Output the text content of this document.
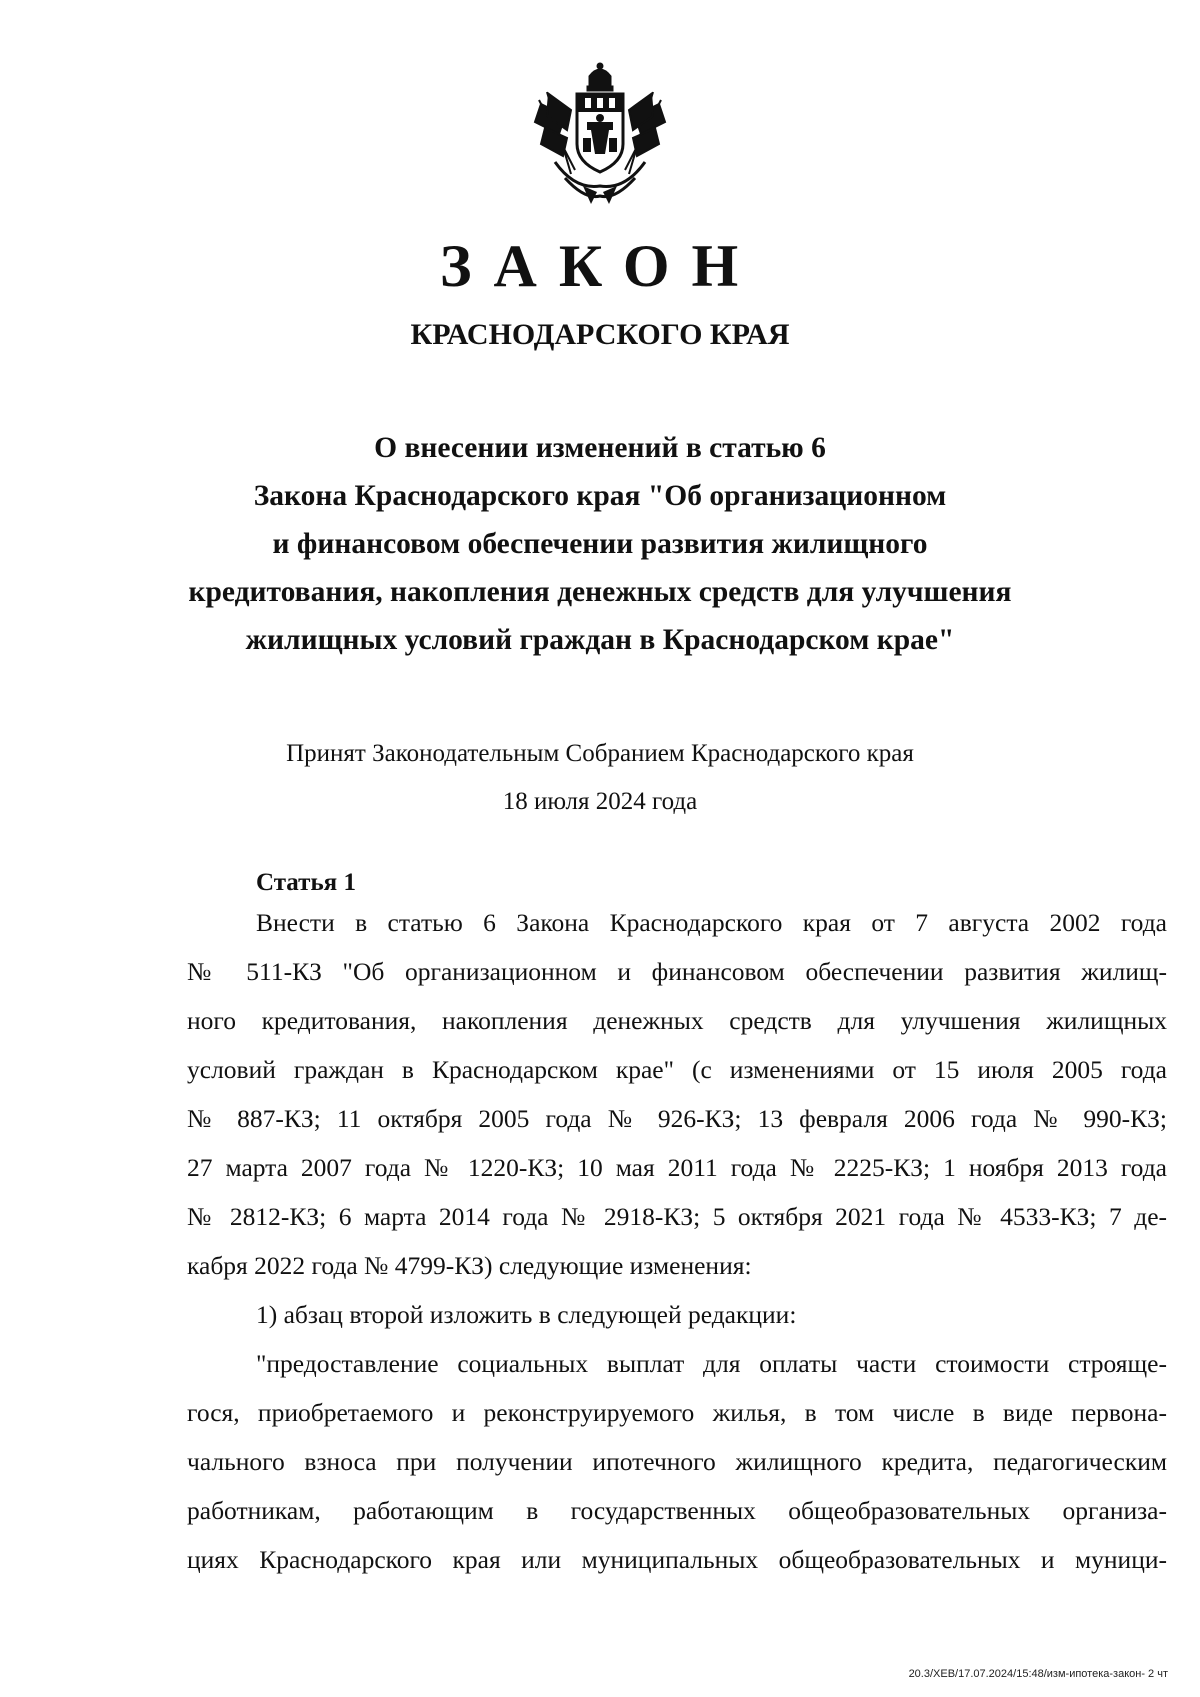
ЗАКОН
КРАСНОДАРСКОГО КРАЯ
О внесении изменений в статью 6
Закона Краснодарского края "Об организационном
и финансовом обеспечении развития жилищного
кредитования, накопления денежных средств для улучшения
жилищных условий граждан в Краснодарском крае"
Принят Законодательным Собранием Краснодарского края
18 июля 2024 года
Статья 1
Внести в статью 6 Закона Краснодарского края от 7 августа 2002 года
№ 511-КЗ "Об организационном и финансовом обеспечении развития жилищ-
ного кредитования, накопления денежных средств для улучшения жилищных
условий граждан в Краснодарском крае" (с изменениями от 15 июля 2005 года
№ 887-КЗ; 11 октября 2005 года № 926-КЗ; 13 февраля 2006 года № 990-КЗ;
27 марта 2007 года № 1220-КЗ; 10 мая 2011 года № 2225-КЗ; 1 ноября 2013 года
№ 2812-КЗ; 6 марта 2014 года № 2918-КЗ; 5 октября 2021 года № 4533-КЗ; 7 де-
кабря 2022 года № 4799-КЗ) следующие изменения:
1) абзац второй изложить в следующей редакции:
"предоставление социальных выплат для оплаты части стоимости строяще-
гося, приобретаемого и реконструируемого жилья, в том числе в виде первона-
чального взноса при получении ипотечного жилищного кредита, педагогическим
работникам, работающим в государственных общеобразовательных организа-
циях Краснодарского края или муниципальных общеобразовательных и муници-
20.3/ХЕВ/17.07.2024/15:48/изм-ипотека-закон- 2 чт
